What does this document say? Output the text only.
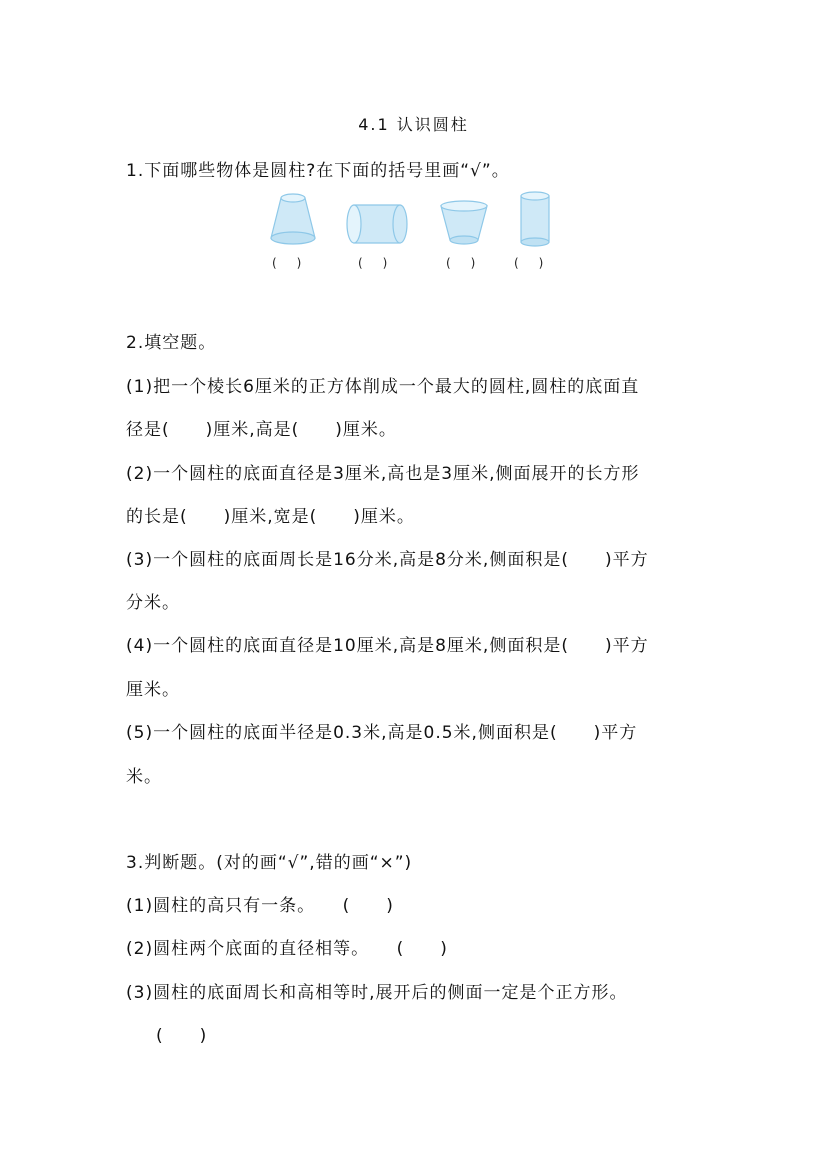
4.1 认识圆柱
1.下面哪些物体是圆柱?在下面的括号里画“√”。
(　)	(　)	(　)	(　)
2.填空题。
(1)把一个棱长6厘米的正方体削成一个最大的圆柱,圆柱的底面直
径是(　　)厘米,高是(　　)厘米。
(2)一个圆柱的底面直径是3厘米,高也是3厘米,侧面展开的长方形
的长是(　　)厘米,宽是(　　)厘米。
(3)一个圆柱的底面周长是16分米,高是8分米,侧面积是(　　)平方
分米。
(4)一个圆柱的底面直径是10厘米,高是8厘米,侧面积是(　　)平方
厘米。
(5)一个圆柱的底面半径是0.3米,高是0.5米,侧面积是(　　)平方
米。
3.判断题。(对的画“√”,错的画“×”)
(1)圆柱的高只有一条。　　(　　)
(2)圆柱两个底面的直径相等。　　(　　)
(3)圆柱的底面周长和高相等时,展开后的侧面一定是个正方形。
(　　)
